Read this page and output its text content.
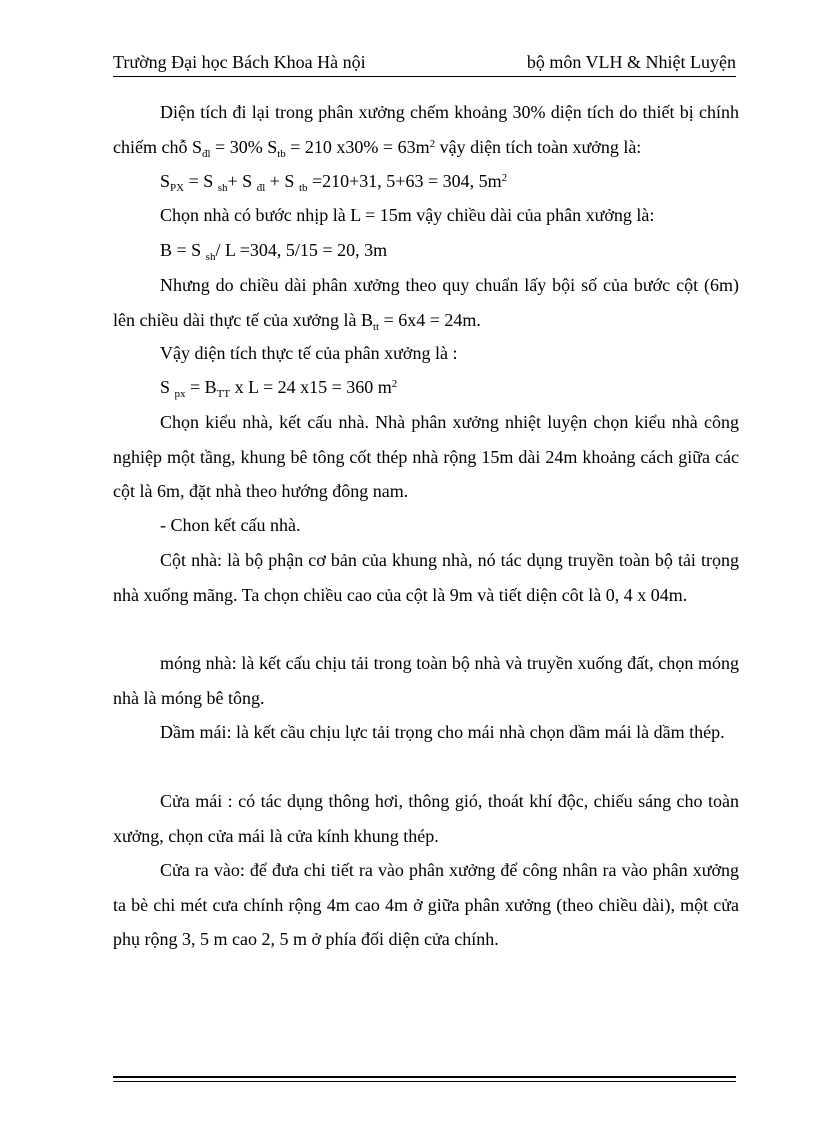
Trường Đại học Bách Khoa Hà nội	bộ môn VLH & Nhiệt Luyện
Diện tích đi lại trong phân xưởng chếm khoảng 30% diện tích do thiết bị chính chiếm chỗ $S_{đl} = 30\%$ $S_{tb} = 210$ $x30\% = 63m^2$ vậy diện tích toàn xưởng là:
$S_{PX} = S$ $_{sh}$+ S $_{đl}$ + S $_{tb}$ =210+31, 5+63 = 304, $5m^2$
Chọn nhà có bước nhịp là L = 15m vậy chiều dài của phân xưởng là:
B = S $_{sh}$/ L =304, 5/15 = 20, 3m
Nhưng do chiều dài phân xưởng theo quy chuẩn lấy bội số của bước cột (6m) lên chiều dài thực tế của xưởng là $B_{tt} = 6x4 = 24m$.
Vậy diện tích thực tế của phân xưởng là :
S $_{px} = B_{TT}$ x L = 24 x15 = 360 $m^2$
Chọn kiểu nhà, kết cấu nhà. Nhà phân xưởng nhiệt luyện chọn kiểu nhà công nghiệp một tầng, khung bê tông cốt thép nhà rộng 15m dài 24m khoảng cách giữa các cột là 6m, đặt nhà theo hướng đông nam.
- Chon kết cấu nhà.
Cột nhà: là bộ phận cơ bản của khung nhà, nó tác dụng truyền toàn bộ tải trọng nhà xuống mãng. Ta chọn chiều cao của cột là 9m và tiết diện côt là 0, 4 x 04m.
móng nhà: là kết cấu chịu tải trong toàn bộ nhà và truyền xuống đất, chọn móng nhà là móng bê tông.
Dầm mái: là kết cầu chịu lực tải trọng cho mái nhà chọn dầm mái là dầm thép.
Cửa mái : có tác dụng thông hơi, thông gió, thoát khí độc, chiếu sáng cho toàn xưởng, chọn cửa mái là cửa kính khung thép.
Cửa ra vào: để đưa chi tiết ra vào phân xưởng để công nhân ra vào phân xưởng ta bè chi mét cưa chính rộng 4m cao 4m ở giữa phân xưởng (theo chiều dài), một cửa phụ rộng 3, 5 m cao 2, 5 m ở phía đối diện cửa chính.
